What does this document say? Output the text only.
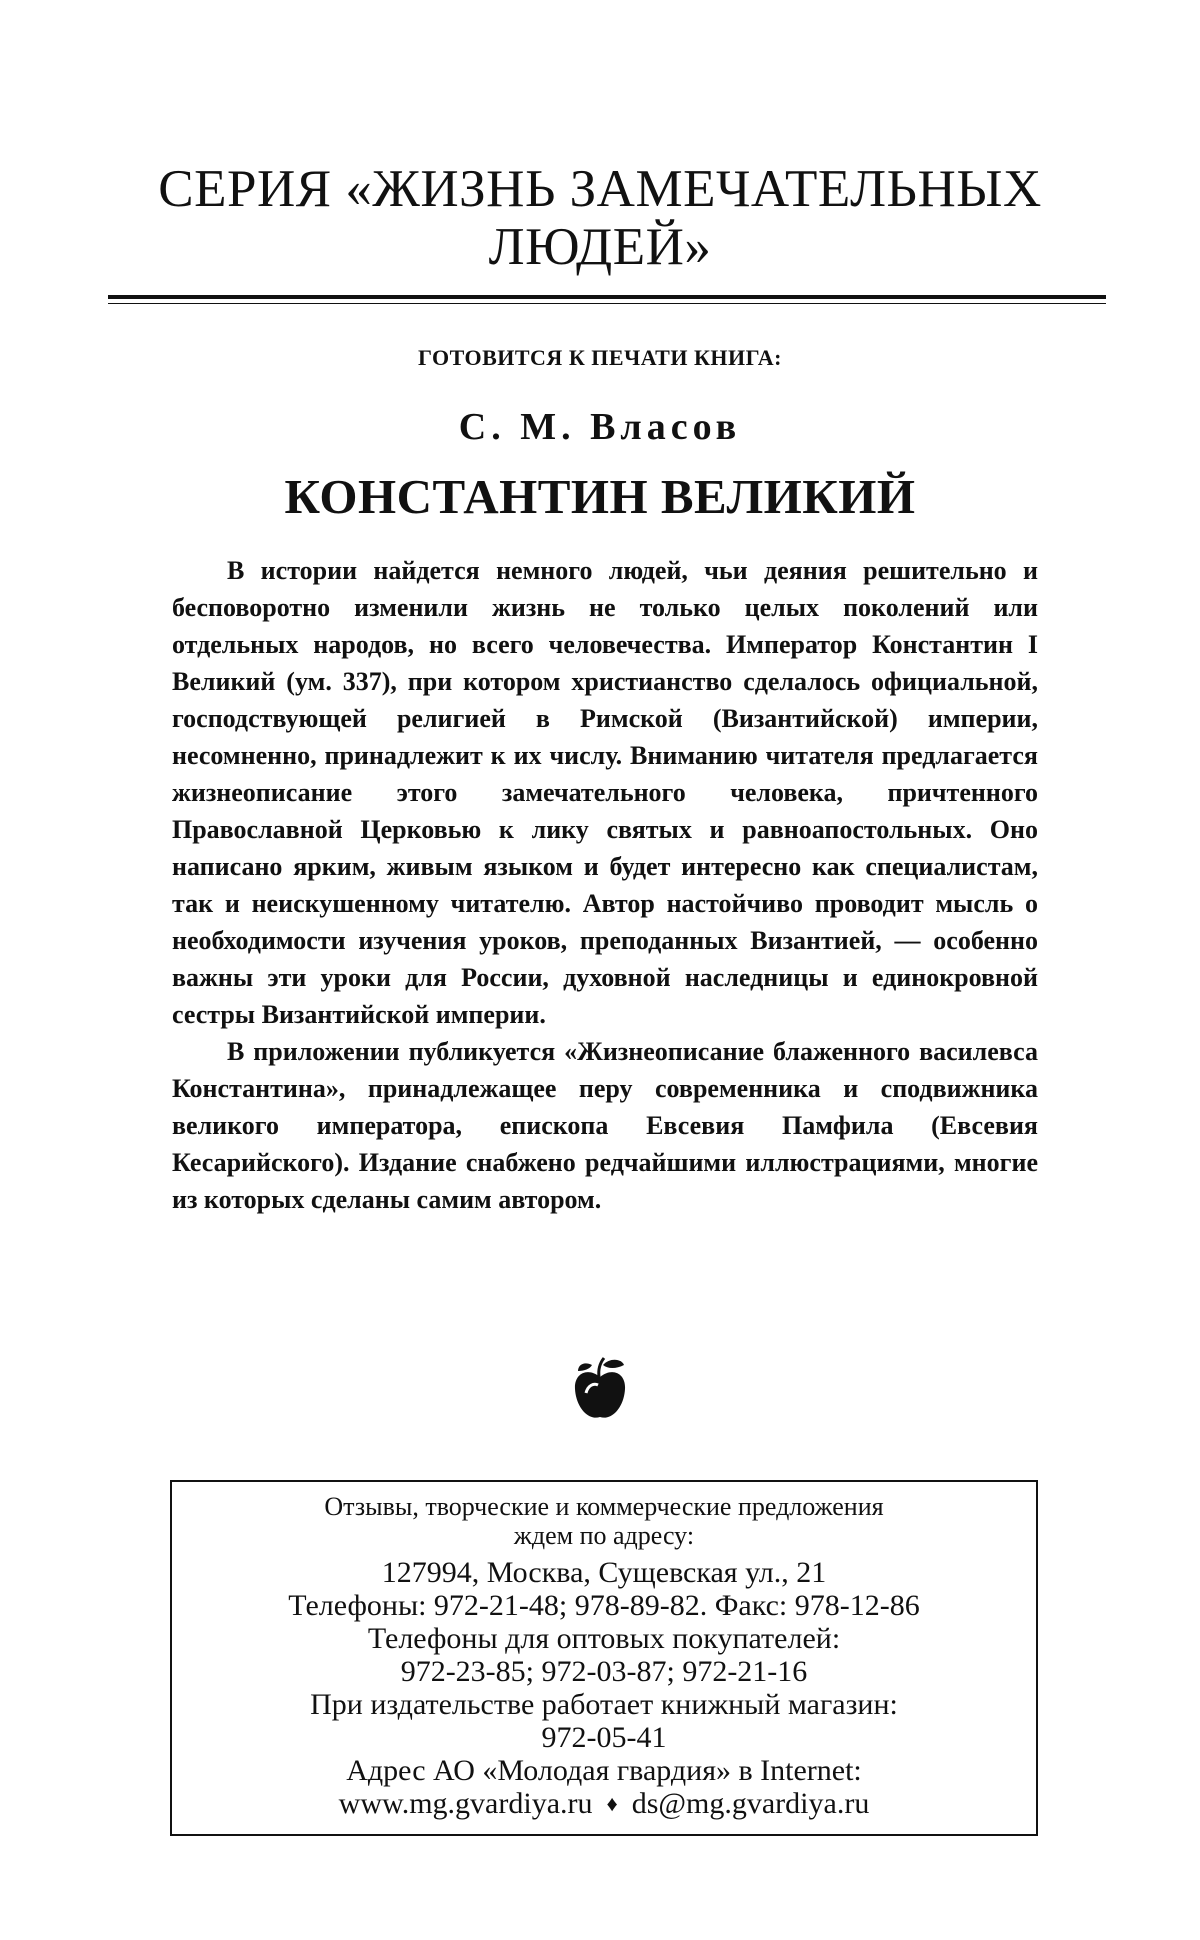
СЕРИЯ «ЖИЗНЬ ЗАМЕЧАТЕЛЬНЫХ ЛЮДЕЙ»
ГОТОВИТСЯ К ПЕЧАТИ КНИГА:
С. М. Власов
КОНСТАНТИН ВЕЛИКИЙ

В истории найдется немного людей, чьи деяния решительно и бесповоротно изменили жизнь не только целых поколений или отдельных народов, но всего человечества. Император Константин I Великий (ум. 337), при котором христианство сделалось официальной, господствующей религией в Римской (Византийской) империи, несомненно, принадлежит к их числу. Вниманию читателя предлагается жизнеописание этого замечательного человека, причтенного Православной Церковью к лику святых и равноапостольных. Оно написано ярким, живым языком и будет интересно как специалистам, так и неискушенному читателю. Автор настойчиво проводит мысль о необходимости изучения уроков, преподанных Византией, — особенно важны эти уроки для России, духовной наследницы и единокровной сестры Византийской империи.

В приложении публикуется «Жизнеописание блаженного василевса Константина», принадлежащее перу современника и сподвижника великого императора, епископа Евсевия Памфила (Евсевия Кесарийского). Издание снабжено редчайшими иллюстрациями, многие из которых сделаны самим автором.

Отзывы, творческие и коммерческие предложения
ждем по адресу:
127994, Москва, Сущевская ул., 21
Телефоны: 972-21-48; 978-89-82. Факс: 978-12-86
Телефоны для оптовых покупателей:
972-23-85; 972-03-87; 972-21-16
При издательстве работает книжный магазин:
972-05-41
Адрес АО «Молодая гвардия» в Internet:
www.mg.gvardiya.ru ♦ ds@mg.gvardiya.ru
